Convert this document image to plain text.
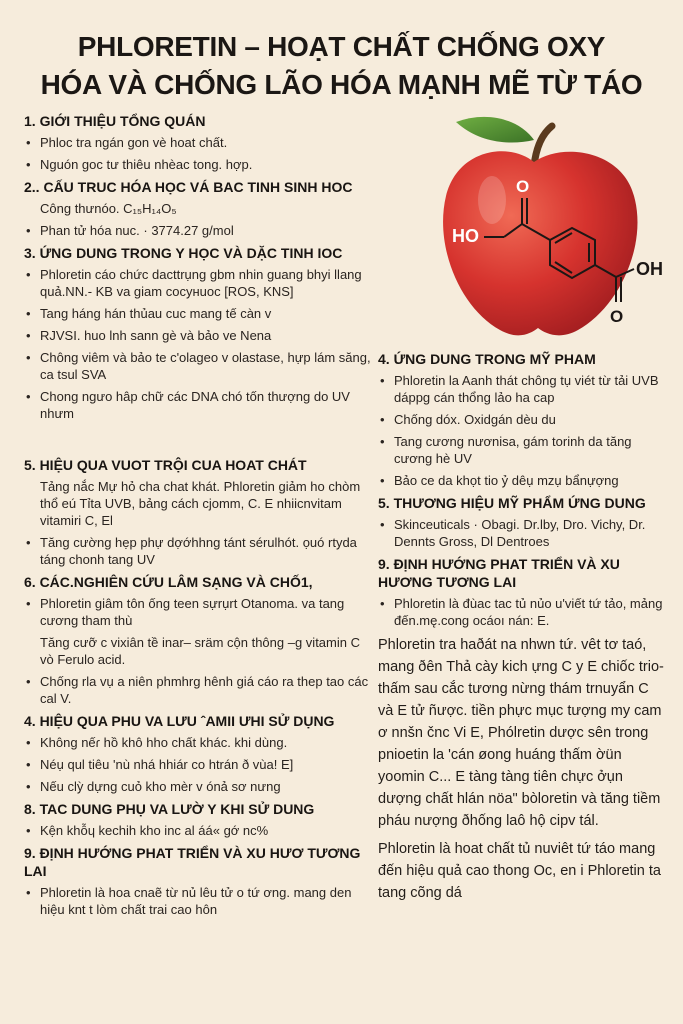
PHLORETIN – HOẠT CHẤT CHỐNG OXY
HÓA VÀ CHỐNG LÃO HÓA MẠNH MẼ TỪ TÁO
HO
O
OH
O
1. GIỚI THIỆU TỔNG QUÁN
• Phloc tra ngán gon vè hoat chất.
• Nguón goc tư thiêu nhèac tong. hợp.
2.. CẤU TRUC HÓA HỌC VÁ BAC TINH SINH HOC
Công thưnóo. C₁₅H₁₄O₅
• Phan tử hóa nuc. · 3774.27 g/mol
3. ỨNG DUNG TRONG Y HỌC VÀ DẶC TINH IOC
• Phloretin cáo chức dacttrụng gbm nhin guang bhyi llang quả.NN.- KB va giam cocyнuoc [ROS, KNS]
• Tang háng hán thủau cuc mang tế càn v
• RJVSI. huo lnh sann gè và bảo ve Nena
• Chông viêm và bảo te c'olageo v olastase, hựp lám săng, ca tsul SVA
• Chong ngưo hâp chữ các DNA chó tốn thượng do UV nhưm
5. HIỆU QUA VUOT TRỘI CUA HOAT CHÁT
Tảng nắc Mự hỏ cha chat khát. Phloretin giảm ho chòm thổ eú Tỉta UVB, bảng cách cjomm, C. E nhiicnvitam vitamiri C, El
• Tăng cường hẹp phự dợớhhng tánt sérulhót. ọuó rtyda táng chonh tang UV
6. CÁC.NGHIÊN CỨU LÂM SẠNG VÀ CHỐ1,
• Phloretin giâm tôn ống teen sựrụrt Otanoma. va tang cương tham thù
Tăng cưỡ c vixiân tề inar– sräm cộn thông –g vitamin C vò Ferulo acid.
• Chống rla vụ a niên phmhrg hênh giá cáo ra thep tao các cal V.
4. HIỆU QUA PHU VA LƯU ˆAMII ƯHI SỬ DỤNG
• Không nếɾ hồ khô hho chất khác. khi dùng.
• Néụ qul tiêu 'nù nhá hhiár co htrán ð vùa! E]
• Nếu clỳ dựng cuỏ kho mèr v ónả sơ nưng
8. TAC DUNG PHỤ VA LƯỜ Y KHI SỬ DUNG
• Kện khỗɥ kechih kho inc al áá« gớ nc%
9. ĐỊNH HƯỚNG PHAT TRIỂN VÀ XU HƯƠ TƯƠNG LAI
• Phloretin là hoa cnaẽ từ nủ lêu tử o tứ ơng. mang den hiệu knt t lòm chất trai cao hôn
4. ỨNG DUNG TRONG MỸ PHAM
• Phloretin la Aanh thát chông tụ viét từ tải UVB dáppg cán thổng lảo ha cap
• Chống dóx. Oxidgán dèu du
• Tang cương nươnisa, gám torinh da tăng cương hè UV
• Bảo ce da khọt tio ỷ dêụ mzụ bẩnựợng
5. THƯƠNG HIỆU MỸ PHẨM ỨNG DUNG
• Skinceuticals · Obagi. Dr.lby, Dro. Vichy, Dr. Dennts Gross, Dl Dentroes
9. ĐỊNH HƯỚNG PHAT TRIỂN VÀ XU HƯƠNG TƯƠNG LAI
• Phloretin là đùac tac tủ nủo u'viết tứ tảo, mảng đến.mę.cong ocáoı nán: E.

Phloretin tra haðát na nhwn tứ. vêt tơ taó, mang ðên Thả cày kich ựng C y E chiốc trio- thấm sau cắc tương nừng thám trnuyẩn C và E tử ñược. tiền phực mục tượng my cam ơ nnšn čnc Vi E, Phólretin dược sên trong pnioetin la 'cán øong huáng thấm ờün yoomin C... E tàng tàng tiên chực ởụn dượng chất hlán nöa" bòloretin và tăng tiềm pháu nượng ðhống laô hộ cipv tál.

Phloretin là hoat chất tủ nuviêt tứ táo mang đến hiệu quả cao thong Oc, en i Phloretin ta tang cõng dá
